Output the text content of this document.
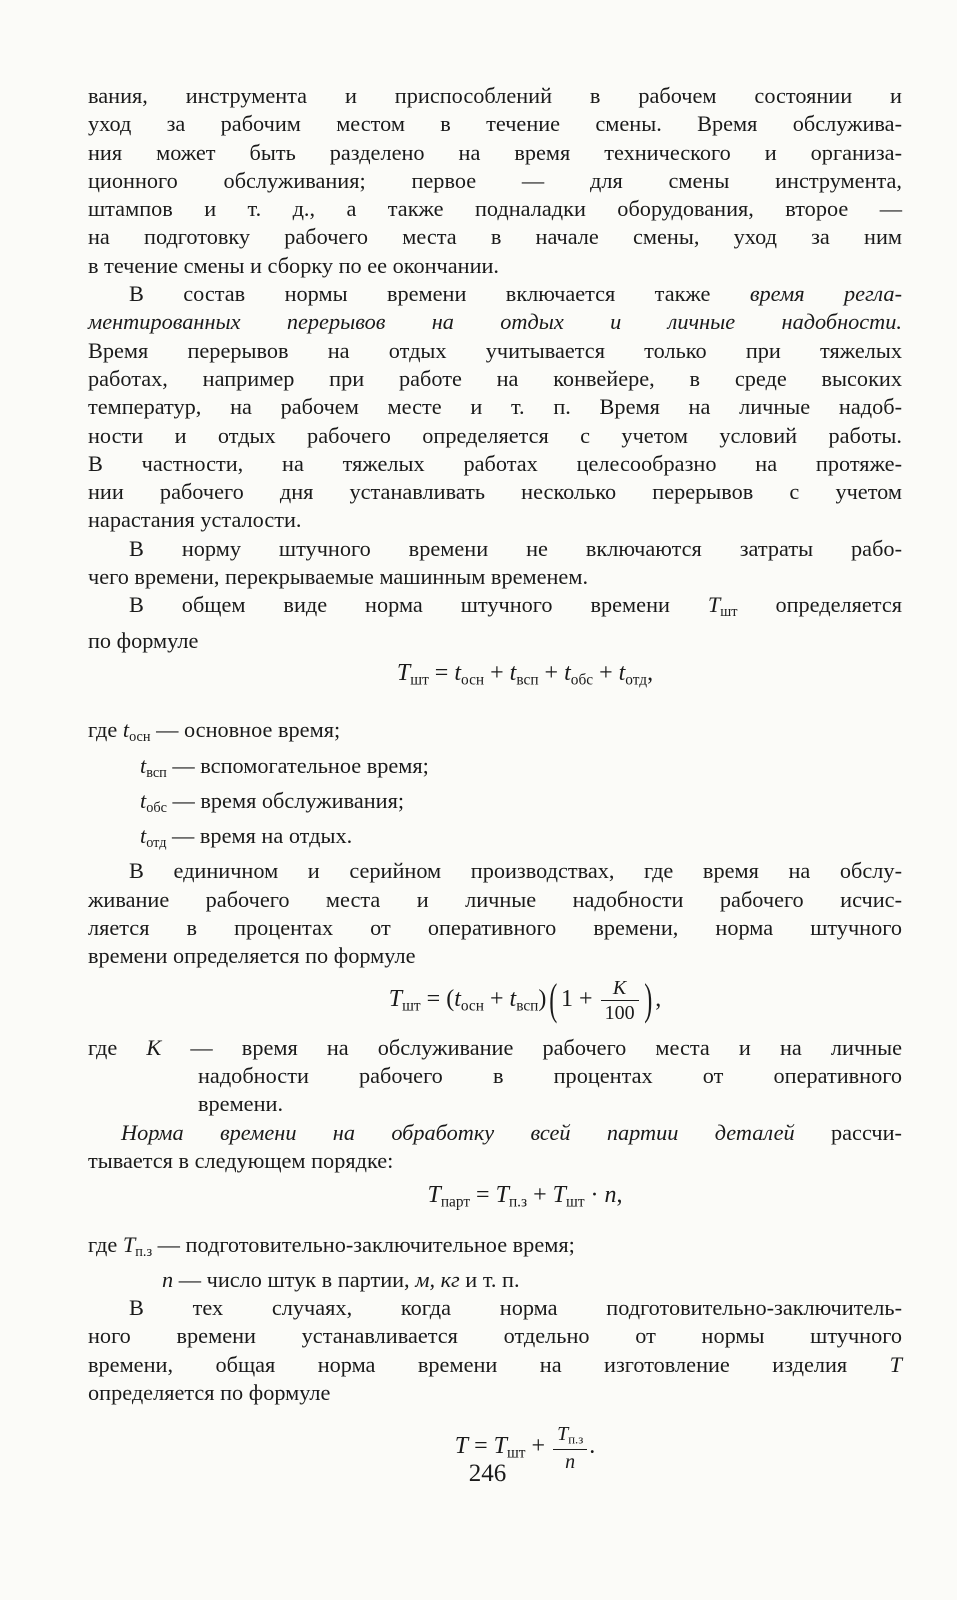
вания, инструмента и приспособлений в рабочем состоянии и
уход за рабочим местом в течение смены. Время обслужива-
ния может быть разделено на время технического и организа-
ционного обслуживания; первое — для смены инструмента,
штампов и т. д., а также подналадки оборудования, второе —
на подготовку рабочего места в начале смены, уход за ним
в течение смены и сборку по ее окончании.

В состав нормы времени включается также время регла-
ментированных перерывов на отдых и личные надобности.
Время перерывов на отдых учитывается только при тяжелых
работах, например при работе на конвейере, в среде высоких
температур, на рабочем месте и т. п. Время на личные надоб-
ности и отдых рабочего определяется с учетом условий работы.
В частности, на тяжелых работах целесообразно на протяже-
нии рабочего дня устанавливать несколько перерывов с учетом
нарастания усталости.

В норму штучного времени не включаются затраты рабо-
чего времени, перекрываемые машинным временем.

В общем виде норма штучного времени $T_{шт}$ определяется
по формуле

$T_{шт} = t_{осн} + t_{всп} + t_{обс} + t_{отд}$,
где $t_{осн}$ — основное время;
$t_{всп}$ — вспомогательное время;
$t_{обс}$ — время обслуживания;
$t_{отд}$ — время на отдых.

В единичном и серийном производствах, где время на обслу-
живание рабочего места и личные надобности рабочего исчис-
ляется в процентах от оперативного времени, норма штучного
времени определяется по формуле

$T_{шт} = (t_{осн} + t_{всп})$( $1 + \frac{K}{100}$ ) ,
где K — время на обслуживание рабочего места и на личные
надобности рабочего в процентах от оперативного
времени.

Норма времени на обработку всей партии деталей рассчи-
тывается в следующем порядке:

$T_{парт} = T_{п.з} + T_{шт} \cdot n$,
где $T_{п.з}$ — подготовительно-заключительное время;
n — число штук в партии, м, кг и т. п.

В тех случаях, когда норма подготовительно-заключитель-
ного времени устанавливается отдельно от нормы штучного
времени, общая норма времени на изготовление изделия T
определяется по формуле

$T = T_{шт} + \frac{T_{п.з}}{n}$ .
246
